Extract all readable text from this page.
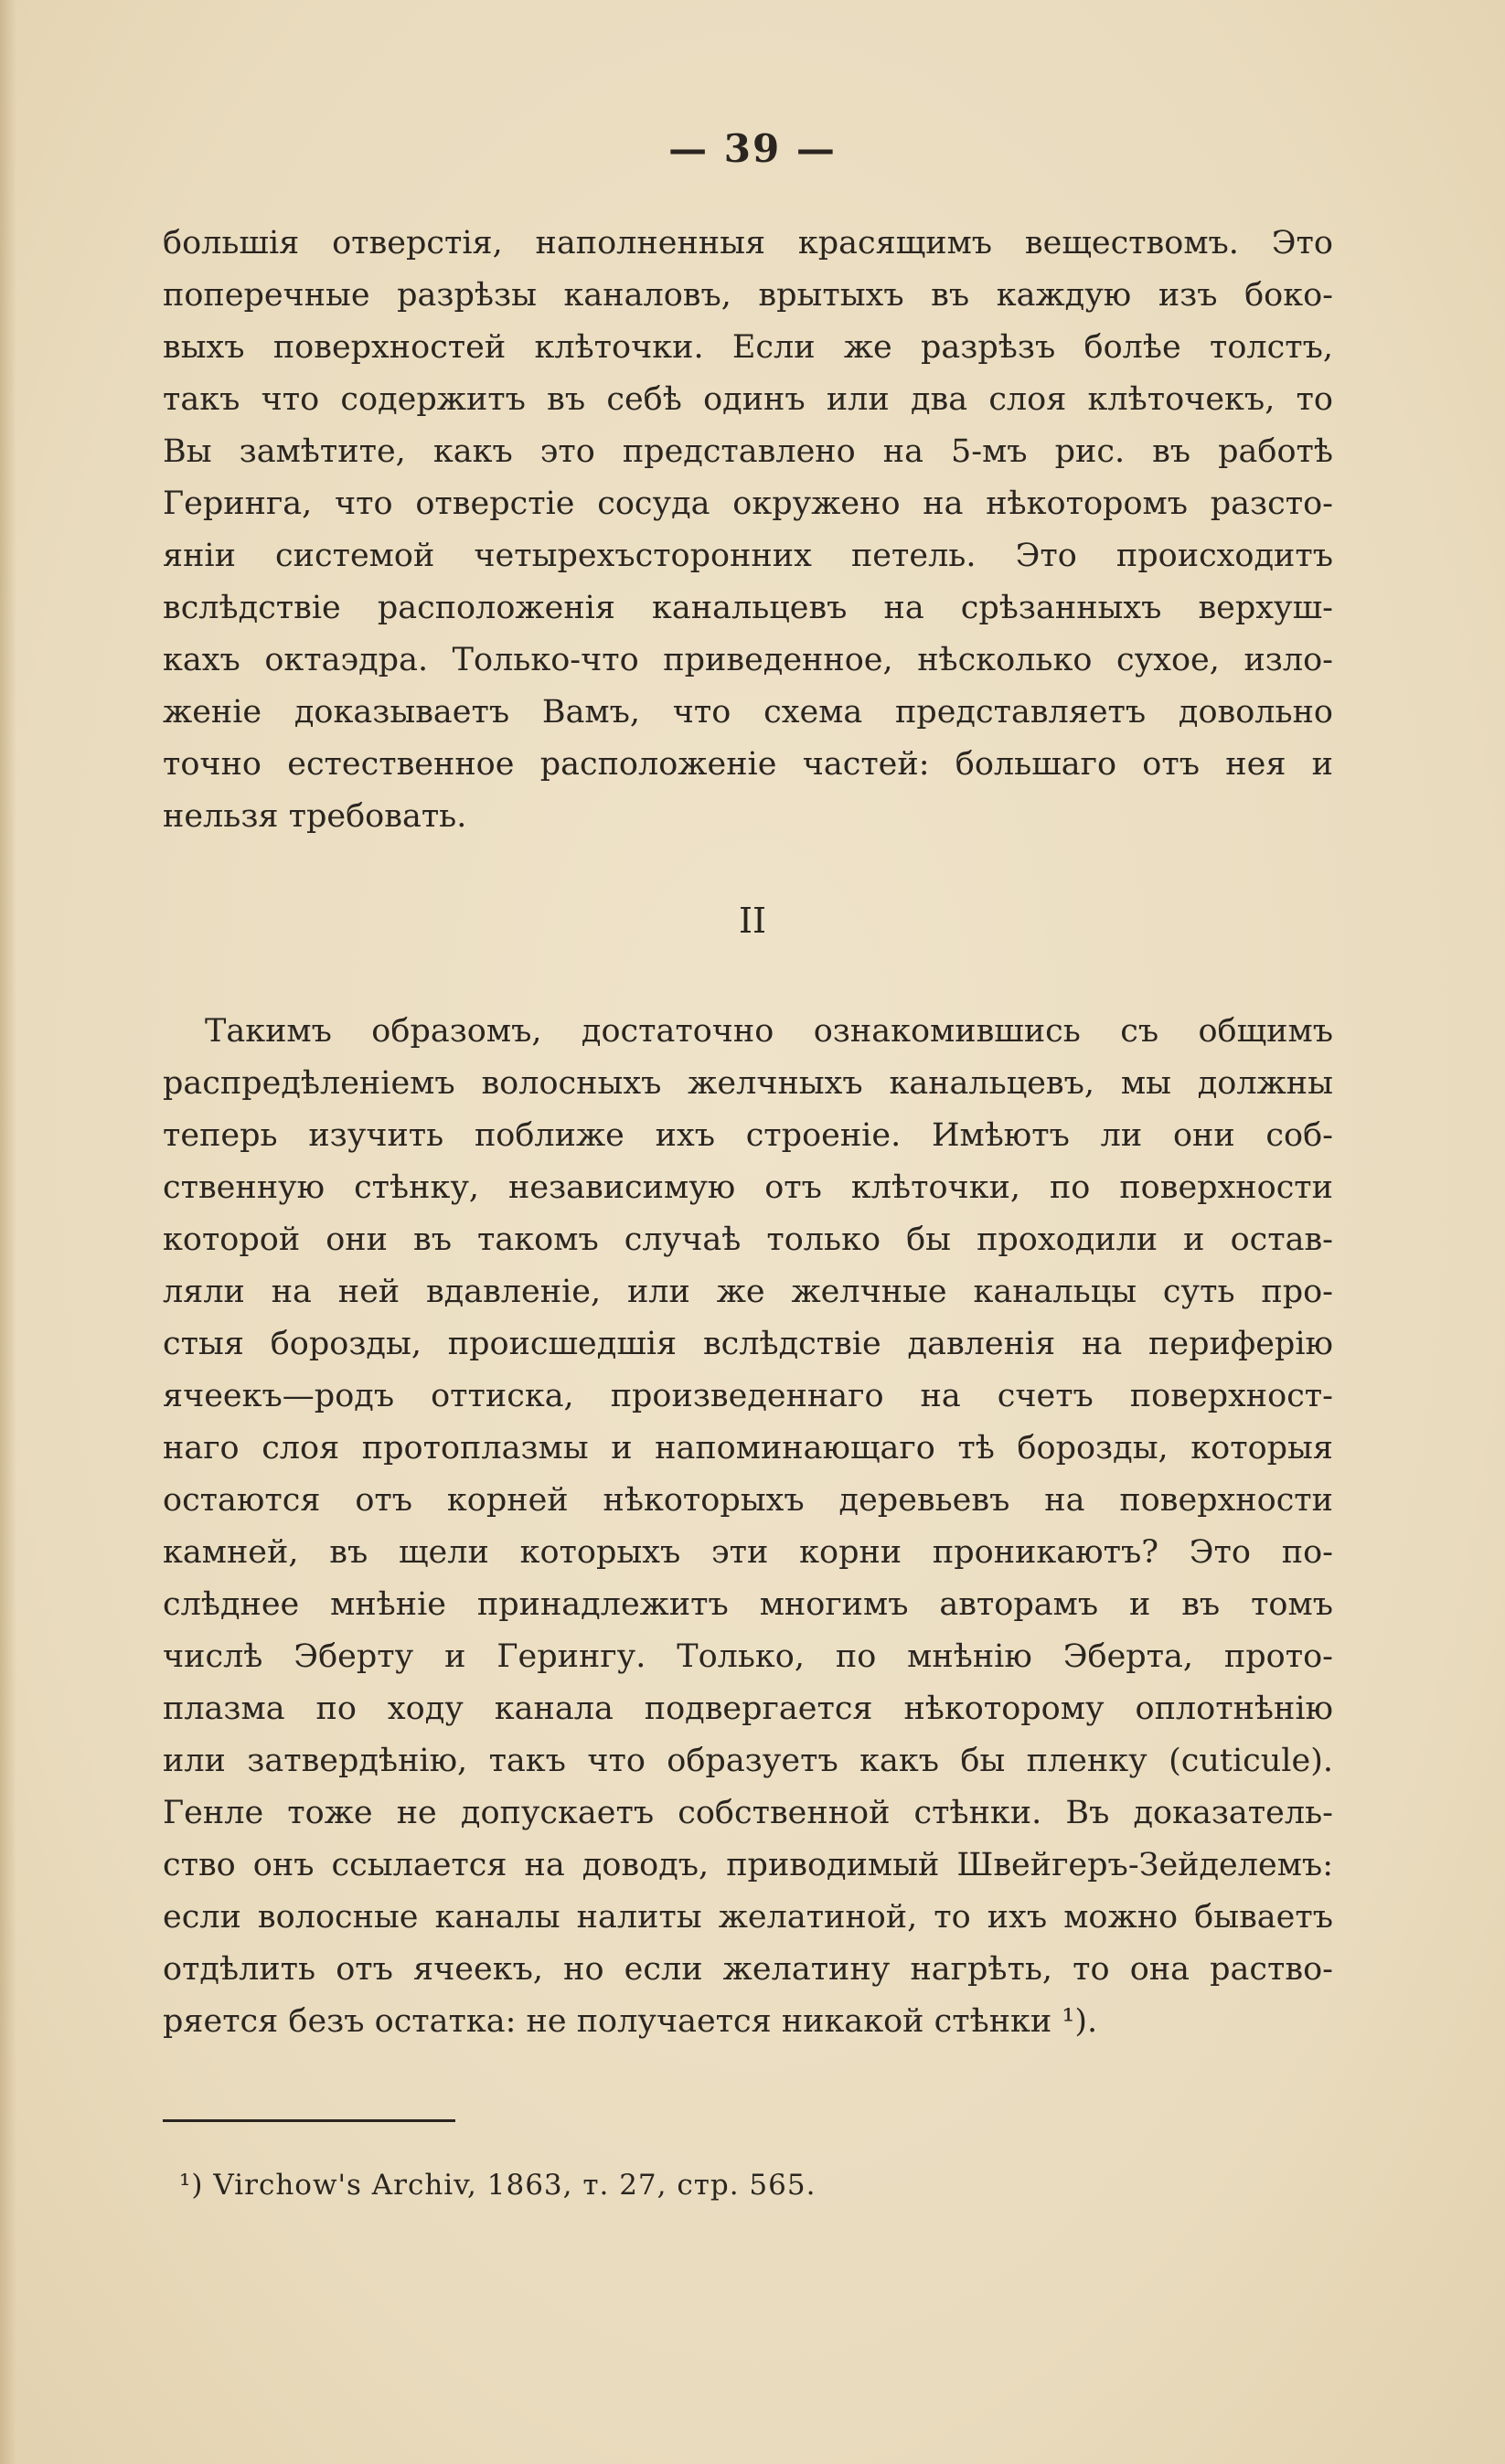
— 39 —
большія отверстія, наполненныя красящимъ веществомъ. Это
поперечные разрѣзы каналовъ, врытыхъ въ каждую изъ боко-
выхъ поверхностей клѣточки. Если же разрѣзъ болѣе толстъ,
такъ что содержитъ въ себѣ одинъ или два слоя клѣточекъ, то
Вы замѣтите, какъ это представлено на 5-мъ рис. въ работѣ
Геринга, что отверстіе сосуда окружено на нѣкоторомъ разсто-
яніи системой четырехъсторонних петель. Это происходитъ
вслѣдствіе расположенія канальцевъ на срѣзанныхъ верхуш-
кахъ октаэдра. Только-что приведенное, нѣсколько сухое, изло-
женіе доказываетъ Вамъ, что схема представляетъ довольно
точно естественное расположеніе частей: большаго отъ нея и
нельзя требовать.
II
Такимъ образомъ, достаточно ознакомившись съ общимъ
распредѣленіемъ волосныхъ желчныхъ канальцевъ, мы должны
теперь изучить поближе ихъ строеніе. Имѣютъ ли они соб-
ственную стѣнку, независимую отъ клѣточки, по поверхности
которой они въ такомъ случаѣ только бы проходили и остав-
ляли на ней вдавленіе, или же желчные канальцы суть про-
стыя борозды, происшедшія вслѣдствіе давленія на периферію
ячеекъ—родъ оттиска, произведеннаго на счетъ поверхност-
наго слоя протоплазмы и напоминающаго тѣ борозды, которыя
остаются отъ корней нѣкоторыхъ деревьевъ на поверхности
камней, въ щели которыхъ эти корни проникаютъ? Это по-
слѣднее мнѣніе принадлежитъ многимъ авторамъ и въ томъ
числѣ Эберту и Герингу. Только, по мнѣнію Эберта, прото-
плазма по ходу канала подвергается нѣкоторому оплотнѣнію
или затвердѣнію, такъ что образуетъ какъ бы пленку (cuticule).
Генле тоже не допускаетъ собственной стѣнки. Въ доказатель-
ство онъ ссылается на доводъ, приводимый Швейгеръ-Зейделемъ:
если волосные каналы налиты желатиной, то ихъ можно бываетъ
отдѣлить отъ ячеекъ, но если желатину нагрѣть, то она раство-
ряется безъ остатка: не получается никакой стѣнки ¹).
¹) Virchow's Archiv, 1863, т. 27, стр. 565.
